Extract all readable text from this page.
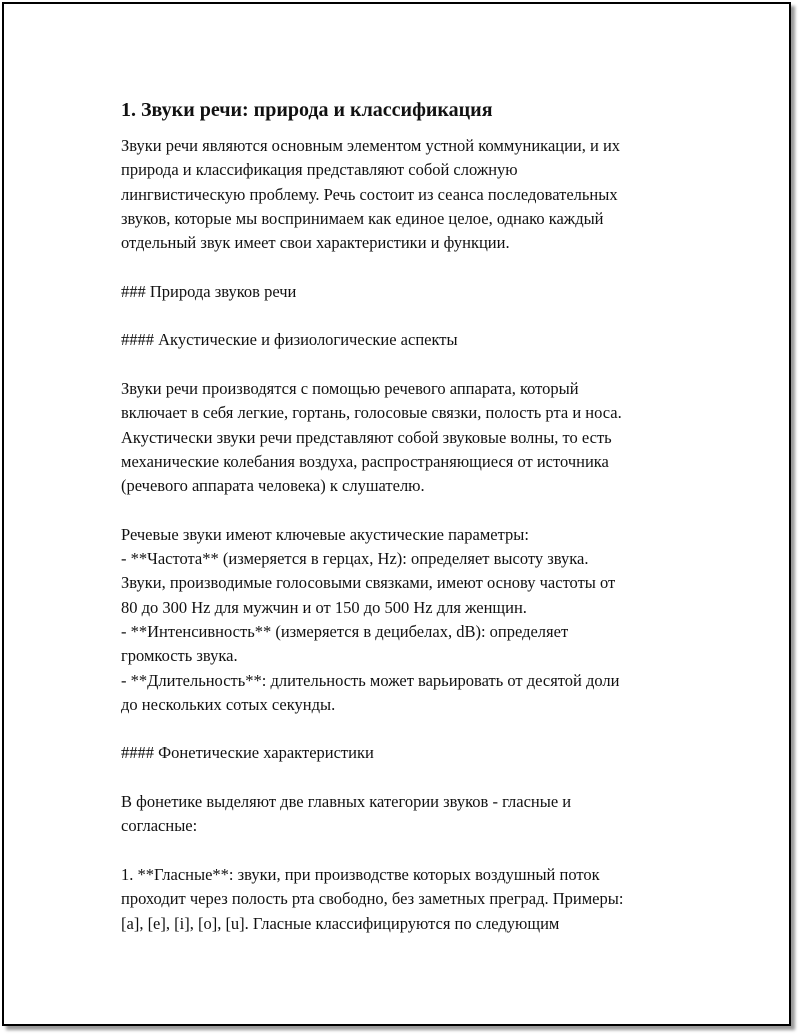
1. Звуки речи: природа и классификация
Звуки речи являются основным элементом устной коммуникации, и их
природа и классификация представляют собой сложную
лингвистическую проблему. Речь состоит из сеанса последовательных
звуков, которые мы воспринимаем как единое целое, однако каждый
отдельный звук имеет свои характеристики и функции.
### Природа звуков речи
#### Акустические и физиологические аспекты
Звуки речи производятся с помощью речевого аппарата, который
включает в себя легкие, гортань, голосовые связки, полость рта и носа.
Акустически звуки речи представляют собой звуковые волны, то есть
механические колебания воздуха, распространяющиеся от источника
(речевого аппарата человека) к слушателю.
Речевые звуки имеют ключевые акустические параметры:
- **Частота** (измеряется в герцах, Hz): определяет высоту звука.
Звуки, производимые голосовыми связками, имеют основу частоты от
80 до 300 Hz для мужчин и от 150 до 500 Hz для женщин.
- **Интенсивность** (измеряется в децибелах, dB): определяет
громкость звука.
- **Длительность**: длительность может варьировать от десятой доли
до нескольких сотых секунды.
#### Фонетические характеристики
В фонетике выделяют две главных категории звуков - гласные и
согласные:
1. **Гласные**: звуки, при производстве которых воздушный поток
проходит через полость рта свободно, без заметных преград. Примеры:
[a], [e], [i], [o], [u]. Гласные классифицируются по следующим
